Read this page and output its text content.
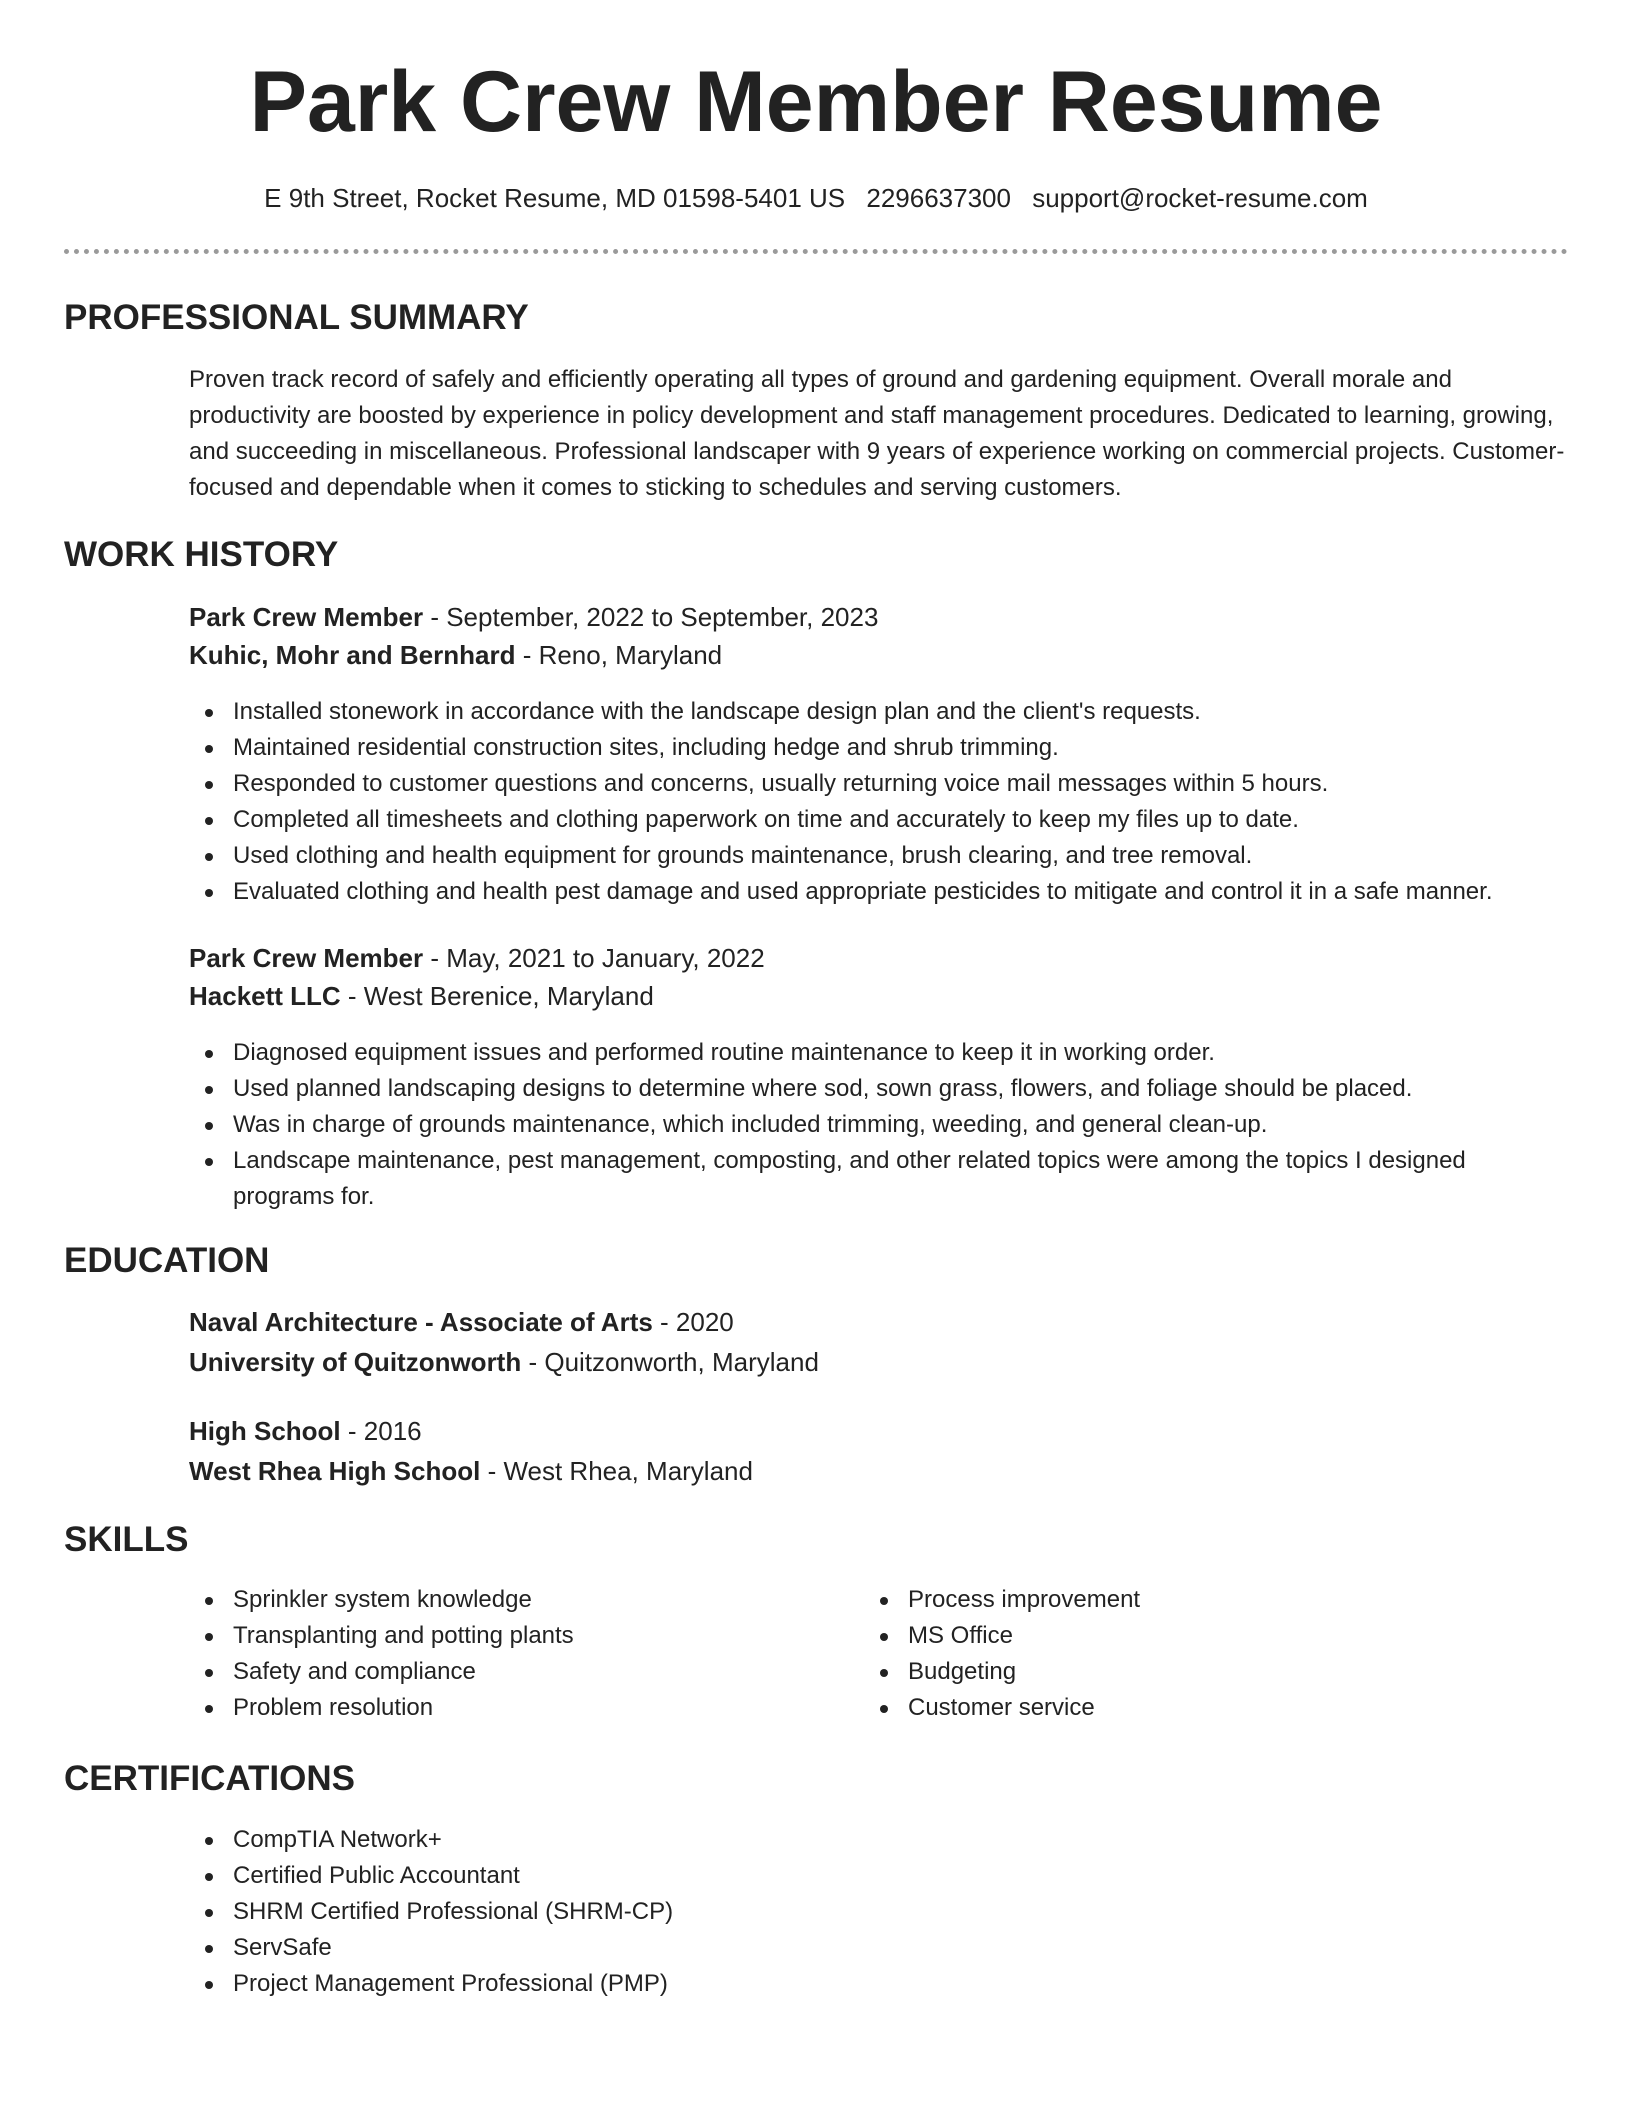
Park Crew Member Resume
E 9th Street, Rocket Resume, MD 01598-5401 US 2296637300 support@rocket-resume.com
PROFESSIONAL SUMMARY
Proven track record of safely and efficiently operating all types of ground and gardening equipment. Overall morale and productivity are boosted by experience in policy development and staff management procedures. Dedicated to learning, growing, and succeeding in miscellaneous. Professional landscaper with 9 years of experience working on commercial projects. Customer-focused and dependable when it comes to sticking to schedules and serving customers.
WORK HISTORY
Park Crew Member - September, 2022 to September, 2023
Kuhic, Mohr and Bernhard - Reno, Maryland
Installed stonework in accordance with the landscape design plan and the client's requests.
Maintained residential construction sites, including hedge and shrub trimming.
Responded to customer questions and concerns, usually returning voice mail messages within 5 hours.
Completed all timesheets and clothing paperwork on time and accurately to keep my files up to date.
Used clothing and health equipment for grounds maintenance, brush clearing, and tree removal.
Evaluated clothing and health pest damage and used appropriate pesticides to mitigate and control it in a safe manner.
Park Crew Member - May, 2021 to January, 2022
Hackett LLC - West Berenice, Maryland
Diagnosed equipment issues and performed routine maintenance to keep it in working order.
Used planned landscaping designs to determine where sod, sown grass, flowers, and foliage should be placed.
Was in charge of grounds maintenance, which included trimming, weeding, and general clean-up.
Landscape maintenance, pest management, composting, and other related topics were among the topics I designed programs for.
EDUCATION
Naval Architecture - Associate of Arts - 2020
University of Quitzonworth - Quitzonworth, Maryland
High School - 2016
West Rhea High School - West Rhea, Maryland
SKILLS
Sprinkler system knowledge
Transplanting and potting plants
Safety and compliance
Problem resolution
Process improvement
MS Office
Budgeting
Customer service
CERTIFICATIONS
CompTIA Network+
Certified Public Accountant
SHRM Certified Professional (SHRM-CP)
ServSafe
Project Management Professional (PMP)
